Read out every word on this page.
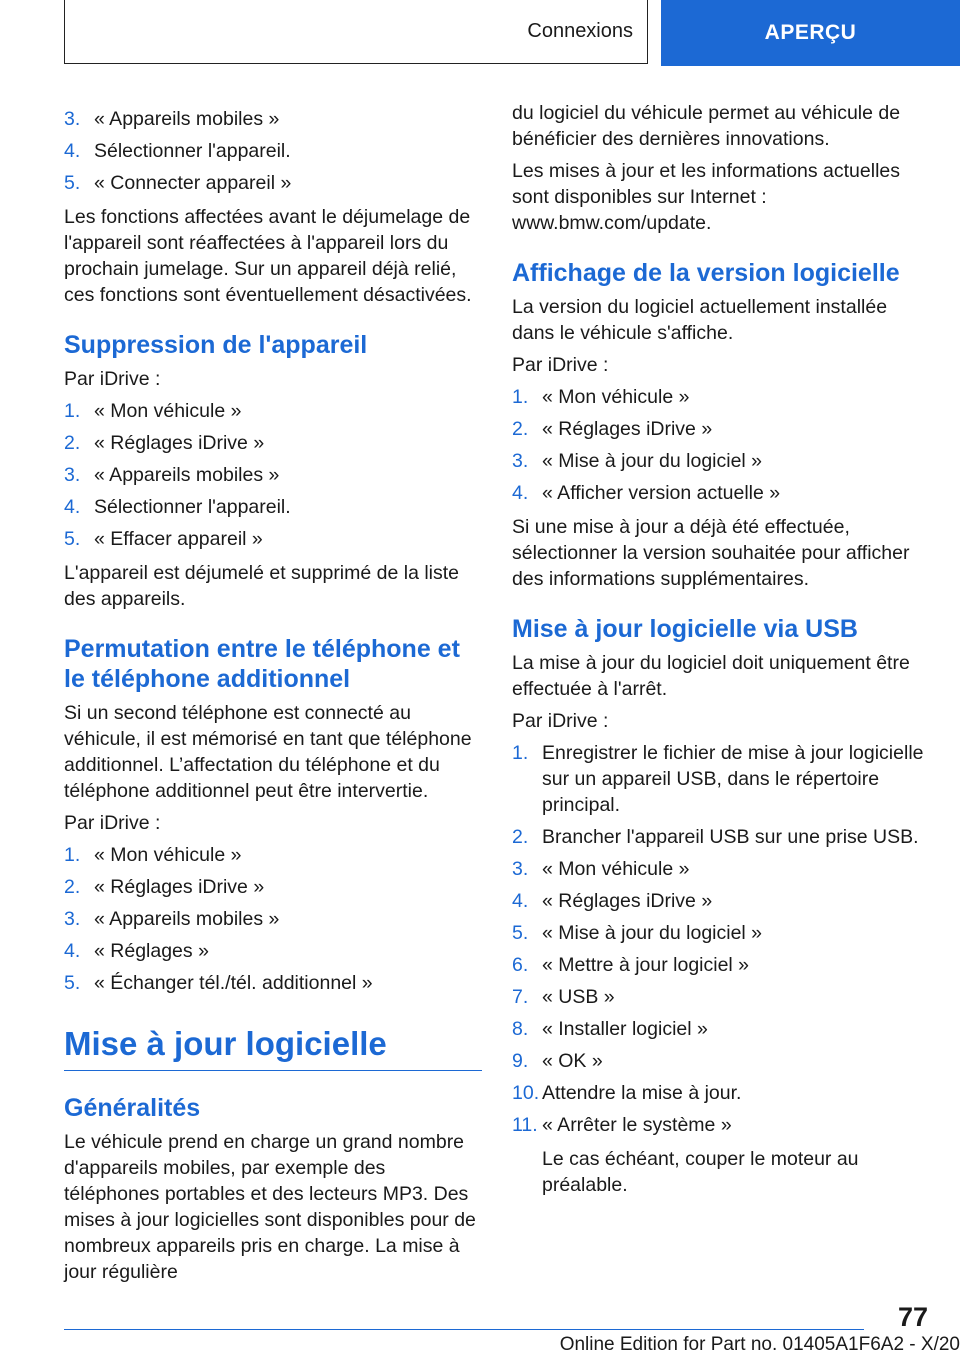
Connexions	APERÇU
3. « Appareils mobiles »
4. Sélectionner l'appareil.
5. « Connecter appareil »

Les fonctions affectées avant le déjumelage de l'appareil sont réaffectées à l'appareil lors du prochain jumelage. Sur un appareil déjà relié, ces fonctions sont éventuellement désactivées.

Suppression de l'appareil

Par iDrive :

1. « Mon véhicule »
2. « Réglages iDrive »
3. « Appareils mobiles »
4. Sélectionner l'appareil.
5. « Effacer appareil »

L'appareil est déjumelé et supprimé de la liste des appareils.

Permutation entre le téléphone et le téléphone additionnel

Si un second téléphone est connecté au véhicule, il est mémorisé en tant que téléphone additionnel. L’affectation du téléphone et du téléphone additionnel peut être intervertie.

Par iDrive :

1. « Mon véhicule »
2. « Réglages iDrive »
3. « Appareils mobiles »
4. « Réglages »
5. « Échanger tél./tél. additionnel »
Mise à jour logicielle
Généralités

Le véhicule prend en charge un grand nombre d'appareils mobiles, par exemple des téléphones portables et des lecteurs MP3. Des mises à jour logicielles sont disponibles pour de nombreux appareils pris en charge. La mise à jour régulière

du logiciel du véhicule permet au véhicule de bénéficier des dernières innovations.

Les mises à jour et les informations actuelles sont disponibles sur Internet : www.bmw.com/update.

Affichage de la version logicielle

La version du logiciel actuellement installée dans le véhicule s'affiche.

Par iDrive :

1. « Mon véhicule »
2. « Réglages iDrive »
3. « Mise à jour du logiciel »
4. « Afficher version actuelle »

Si une mise à jour a déjà été effectuée, sélectionner la version souhaitée pour afficher des informations supplémentaires.

Mise à jour logicielle via USB

La mise à jour du logiciel doit uniquement être effectuée à l'arrêt.

Par iDrive :

1. Enregistrer le fichier de mise à jour logicielle sur un appareil USB, dans le répertoire principal.
2. Brancher l'appareil USB sur une prise USB.
3. « Mon véhicule »
4. « Réglages iDrive »
5. « Mise à jour du logiciel »
6. « Mettre à jour logiciel »
7. « USB »
8. « Installer logiciel »
9. « OK »
10. Attendre la mise à jour.
11. « Arrêter le système »

Le cas échéant, couper le moteur au préalable.

77
Online Edition for Part no. 01405A1F6A2 - X/20
